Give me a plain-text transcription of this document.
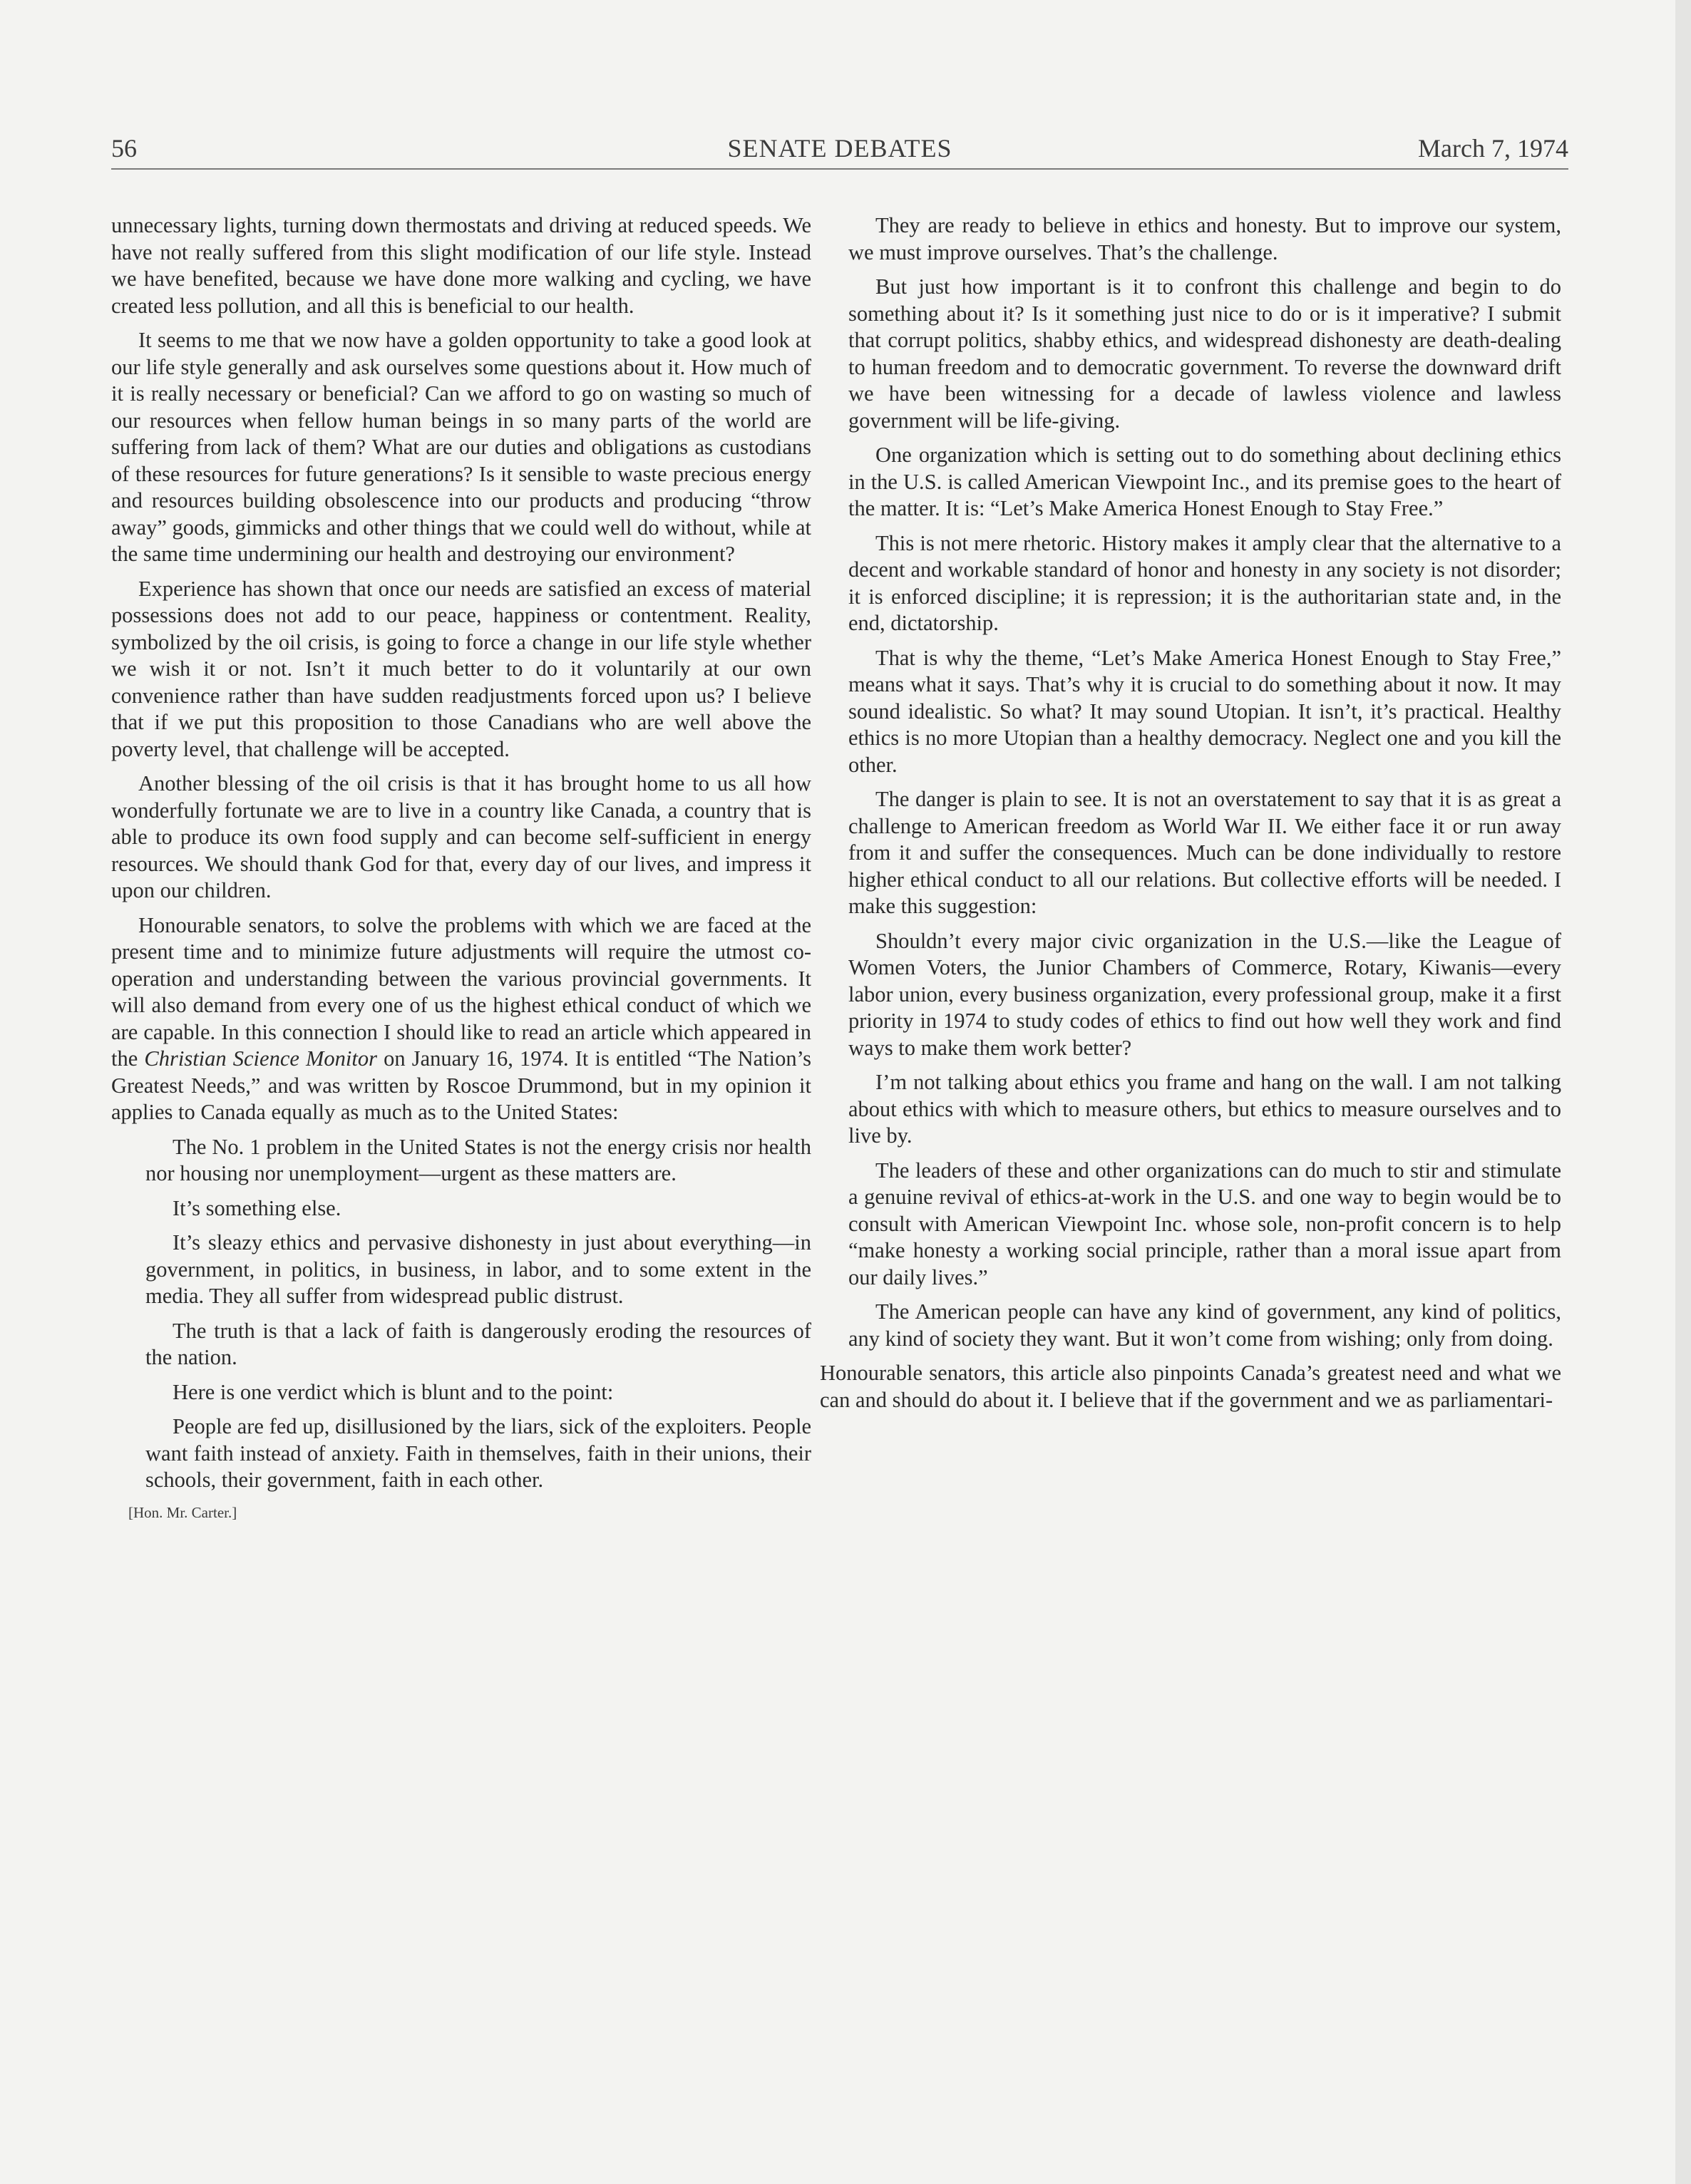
56	SENATE DEBATES	March 7, 1974

unnecessary lights, turning down thermostats and driving at reduced speeds. We have not really suffered from this slight modification of our life style. Instead we have benefited, because we have done more walking and cycling, we have created less pollution, and all this is beneficial to our health.

It seems to me that we now have a golden opportunity to take a good look at our life style generally and ask ourselves some questions about it. How much of it is really necessary or beneficial? Can we afford to go on wasting so much of our resources when fellow human beings in so many parts of the world are suffering from lack of them? What are our duties and obligations as custodians of these resources for future generations? Is it sensible to waste precious energy and resources building obsolescence into our products and producing “throw away” goods, gimmicks and other things that we could well do without, while at the same time undermining our health and destroying our environment?

Experience has shown that once our needs are satisfied an excess of material possessions does not add to our peace, happiness or contentment. Reality, symbolized by the oil crisis, is going to force a change in our life style whether we wish it or not. Isn’t it much better to do it voluntarily at our own convenience rather than have sudden readjustments forced upon us? I believe that if we put this proposition to those Canadians who are well above the poverty level, that challenge will be accepted.

Another blessing of the oil crisis is that it has brought home to us all how wonderfully fortunate we are to live in a country like Canada, a country that is able to produce its own food supply and can become self-sufficient in energy resources. We should thank God for that, every day of our lives, and impress it upon our children.

Honourable senators, to solve the problems with which we are faced at the present time and to minimize future adjustments will require the utmost co-operation and understanding between the various provincial governments. It will also demand from every one of us the highest ethical conduct of which we are capable. In this connection I should like to read an article which appeared in the Christian Science Monitor on January 16, 1974. It is entitled “The Nation’s Greatest Needs,” and was written by Roscoe Drummond, but in my opinion it applies to Canada equally as much as to the United States:

The No. 1 problem in the United States is not the energy crisis nor health nor housing nor unemployment—urgent as these matters are.

It’s something else.

It’s sleazy ethics and pervasive dishonesty in just about everything—in government, in politics, in business, in labor, and to some extent in the media. They all suffer from widespread public distrust.

The truth is that a lack of faith is dangerously eroding the resources of the nation.

Here is one verdict which is blunt and to the point:

People are fed up, disillusioned by the liars, sick of the exploiters. People want faith instead of anxiety. Faith in themselves, faith in their unions, their schools, their government, faith in each other.

[Hon. Mr. Carter.]

They are ready to believe in ethics and honesty. But to improve our system, we must improve ourselves. That’s the challenge.

But just how important is it to confront this challenge and begin to do something about it? Is it something just nice to do or is it imperative? I submit that corrupt politics, shabby ethics, and widespread dishonesty are death-dealing to human freedom and to democratic government. To reverse the downward drift we have been witnessing for a decade of lawless violence and lawless government will be life-giving.

One organization which is setting out to do something about declining ethics in the U.S. is called American Viewpoint Inc., and its premise goes to the heart of the matter. It is: “Let’s Make America Honest Enough to Stay Free.”

This is not mere rhetoric. History makes it amply clear that the alternative to a decent and workable standard of honor and honesty in any society is not disorder; it is enforced discipline; it is repression; it is the authoritarian state and, in the end, dictatorship.

That is why the theme, “Let’s Make America Honest Enough to Stay Free,” means what it says. That’s why it is crucial to do something about it now. It may sound idealistic. So what? It may sound Utopian. It isn’t, it’s practical. Healthy ethics is no more Utopian than a healthy democracy. Neglect one and you kill the other.

The danger is plain to see. It is not an overstatement to say that it is as great a challenge to American freedom as World War II. We either face it or run away from it and suffer the consequences. Much can be done individually to restore higher ethical conduct to all our relations. But collective efforts will be needed. I make this suggestion:

Shouldn’t every major civic organization in the U.S.—like the League of Women Voters, the Junior Chambers of Commerce, Rotary, Kiwanis—every labor union, every business organization, every professional group, make it a first priority in 1974 to study codes of ethics to find out how well they work and find ways to make them work better?

I’m not talking about ethics you frame and hang on the wall. I am not talking about ethics with which to measure others, but ethics to measure ourselves and to live by.

The leaders of these and other organizations can do much to stir and stimulate a genuine revival of ethics-at-work in the U.S. and one way to begin would be to consult with American Viewpoint Inc. whose sole, non-profit concern is to help “make honesty a working social principle, rather than a moral issue apart from our daily lives.”

The American people can have any kind of government, any kind of politics, any kind of society they want. But it won’t come from wishing; only from doing.

Honourable senators, this article also pinpoints Canada’s greatest need and what we can and should do about it. I believe that if the government and we as parliamentari-
